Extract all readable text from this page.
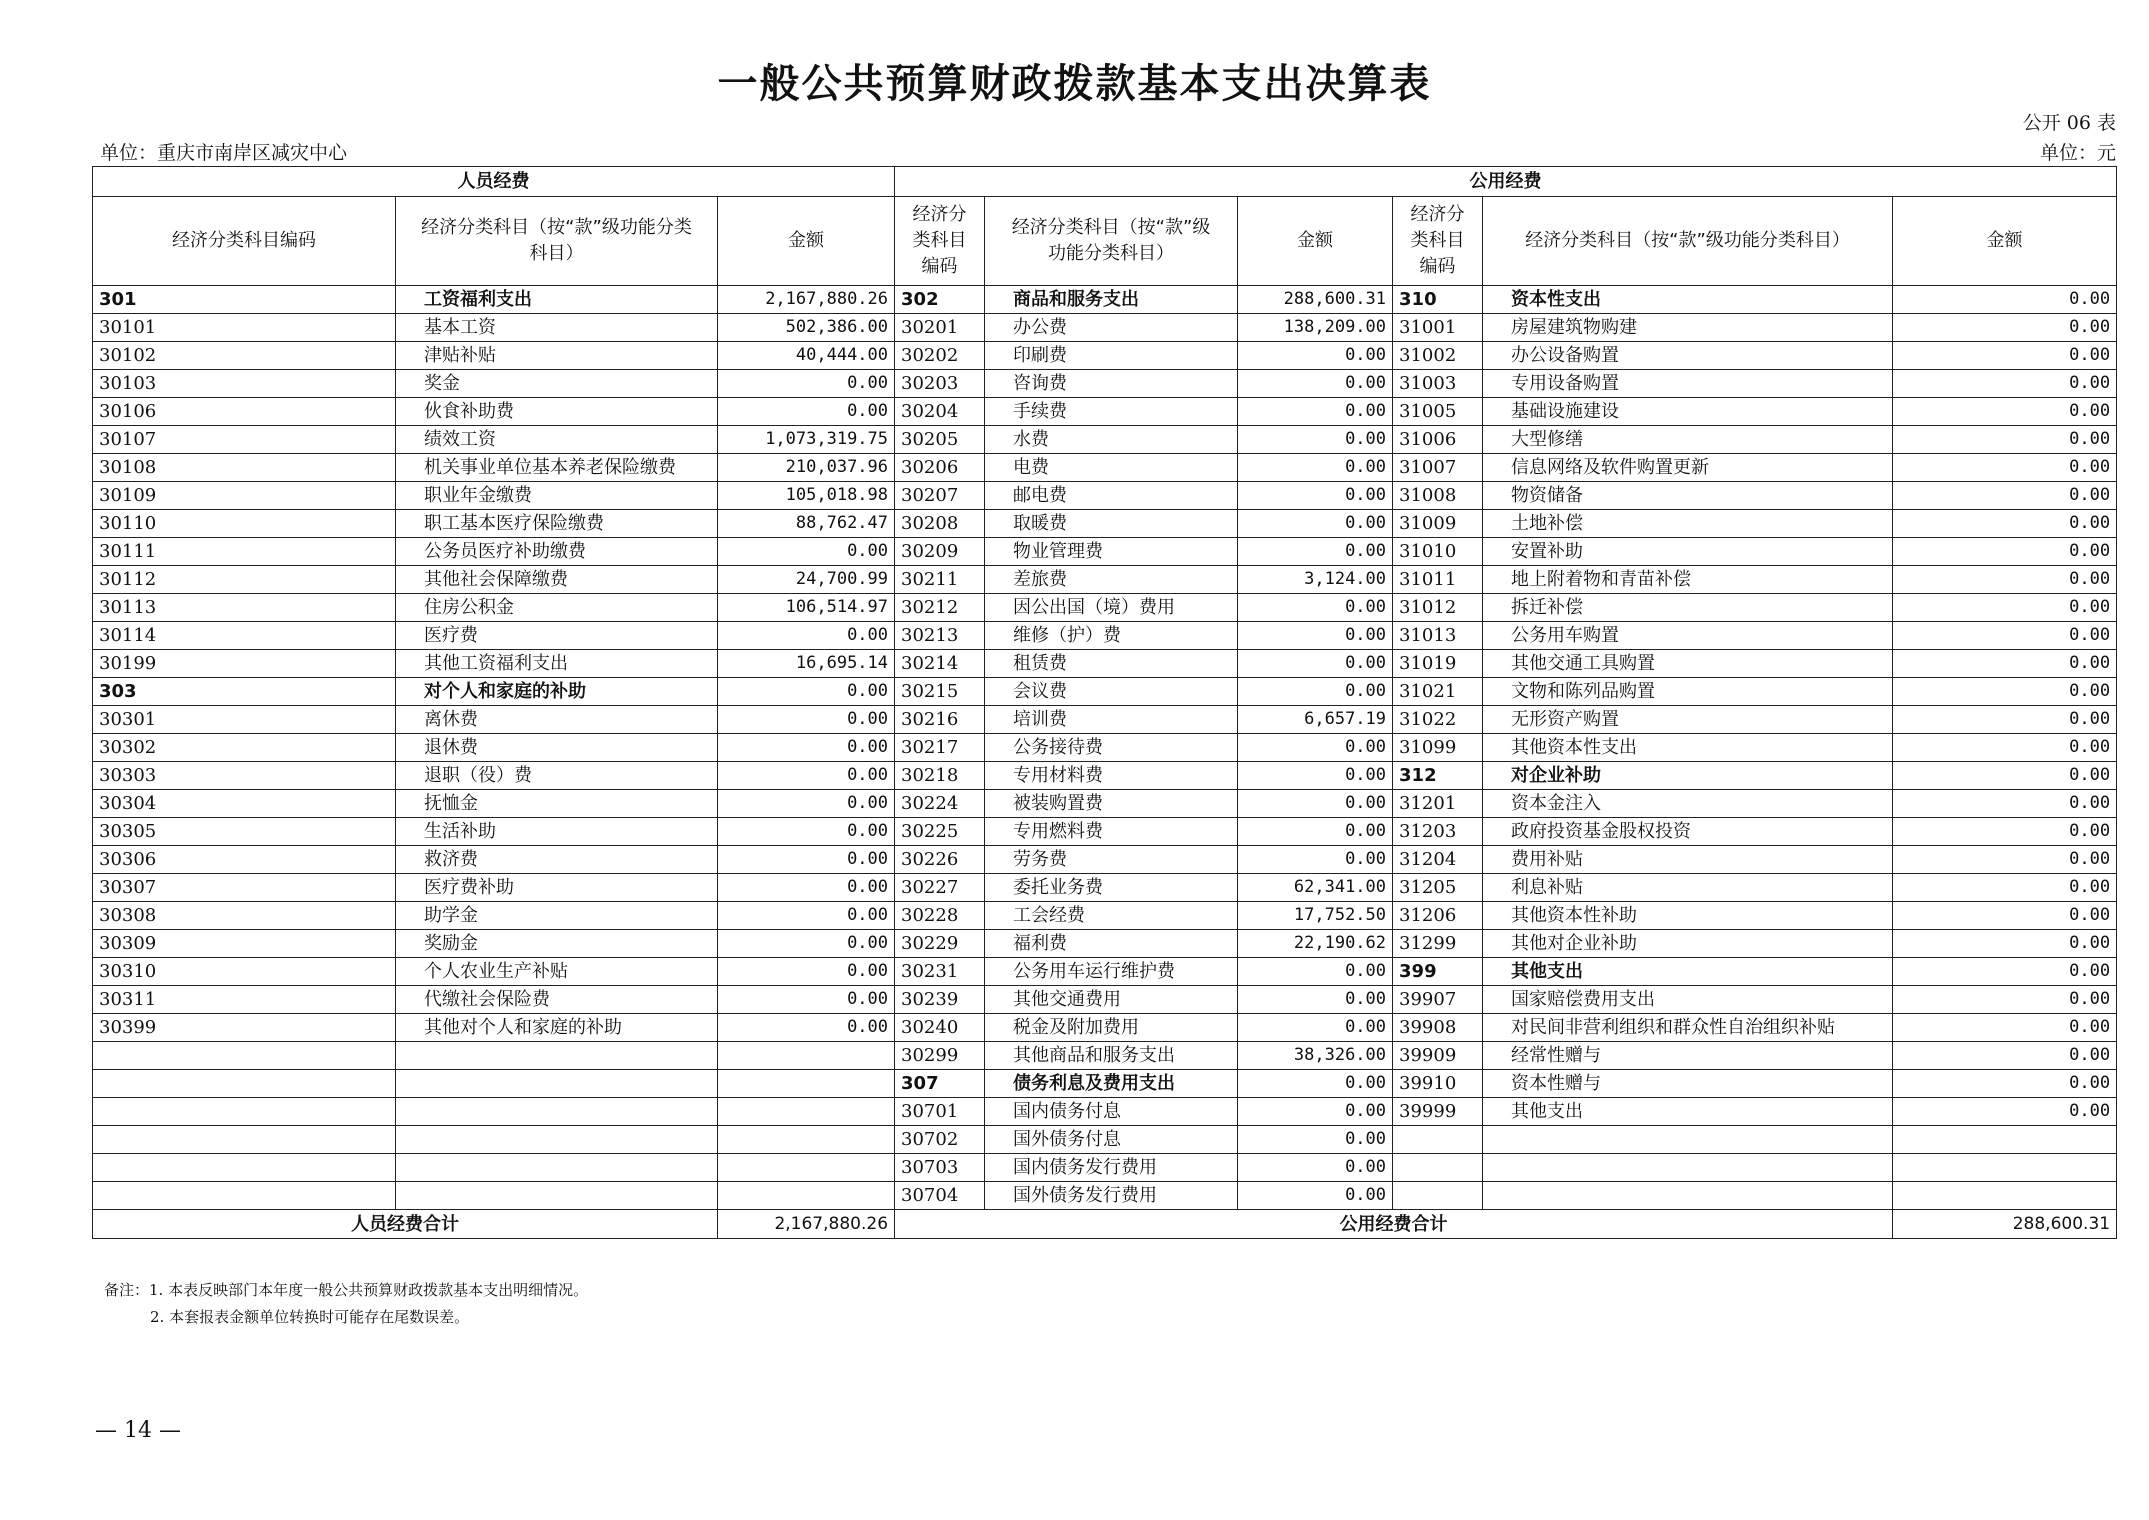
一般公共预算财政拨款基本支出决算表
公开 06 表
单位：重庆市南岸区减灾中心	单位：元
人员经费			公用经费					
经济分类科目编码	经济分类科目（按“款”级功能分类科目）	金额	经济分类科目编码	经济分类科目（按“款”级功能分类科目）	金额	经济分类科目编码	经济分类科目（按“款”级功能分类科目）	金额
301	工资福利支出	2,167,880.26	302	商品和服务支出	288,600.31	310	资本性支出	0.00
30101	基本工资	502,386.00	30201	办公费	138,209.00	31001	房屋建筑物购建	0.00
30102	津贴补贴	40,444.00	30202	印刷费	0.00	31002	办公设备购置	0.00
30103	奖金	0.00	30203	咨询费	0.00	31003	专用设备购置	0.00
30106	伙食补助费	0.00	30204	手续费	0.00	31005	基础设施建设	0.00
30107	绩效工资	1,073,319.75	30205	水费	0.00	31006	大型修缮	0.00
30108	机关事业单位基本养老保险缴费	210,037.96	30206	电费	0.00	31007	信息网络及软件购置更新	0.00
30109	职业年金缴费	105,018.98	30207	邮电费	0.00	31008	物资储备	0.00
30110	职工基本医疗保险缴费	88,762.47	30208	取暖费	0.00	31009	土地补偿	0.00
30111	公务员医疗补助缴费	0.00	30209	物业管理费	0.00	31010	安置补助	0.00
30112	其他社会保障缴费	24,700.99	30211	差旅费	3,124.00	31011	地上附着物和青苗补偿	0.00
30113	住房公积金	106,514.97	30212	因公出国（境）费用	0.00	31012	拆迁补偿	0.00
30114	医疗费	0.00	30213	维修（护）费	0.00	31013	公务用车购置	0.00
30199	其他工资福利支出	16,695.14	30214	租赁费	0.00	31019	其他交通工具购置	0.00
303	对个人和家庭的补助	0.00	30215	会议费	0.00	31021	文物和陈列品购置	0.00
30301	离休费	0.00	30216	培训费	6,657.19	31022	无形资产购置	0.00
30302	退休费	0.00	30217	公务接待费	0.00	31099	其他资本性支出	0.00
30303	退职（役）费	0.00	30218	专用材料费	0.00	312	对企业补助	0.00
30304	抚恤金	0.00	30224	被装购置费	0.00	31201	资本金注入	0.00
30305	生活补助	0.00	30225	专用燃料费	0.00	31203	政府投资基金股权投资	0.00
30306	救济费	0.00	30226	劳务费	0.00	31204	费用补贴	0.00
30307	医疗费补助	0.00	30227	委托业务费	62,341.00	31205	利息补贴	0.00
30308	助学金	0.00	30228	工会经费	17,752.50	31206	其他资本性补助	0.00
30309	奖励金	0.00	30229	福利费	22,190.62	31299	其他对企业补助	0.00
30310	个人农业生产补贴	0.00	30231	公务用车运行维护费	0.00	399	其他支出	0.00
30311	代缴社会保险费	0.00	30239	其他交通费用	0.00	39907	国家赔偿费用支出	0.00
30399	其他对个人和家庭的补助	0.00	30240	税金及附加费用	0.00	39908	对民间非营利组织和群众性自治组织补贴	0.00
			30299	其他商品和服务支出	38,326.00	39909	经常性赠与	0.00
			307	债务利息及费用支出	0.00	39910	资本性赠与	0.00
			30701	国内债务付息	0.00	39999	其他支出	0.00
			30702	国外债务付息	0.00			
			30703	国内债务发行费用	0.00			
			30704	国外债务发行费用	0.00			
人员经费合计		2,167,880.26	公用经费合计					288,600.31
备注：1. 本表反映部门本年度一般公共预算财政拨款基本支出明细情况。
2. 本套报表金额单位转换时可能存在尾数误差。
— 14 —
